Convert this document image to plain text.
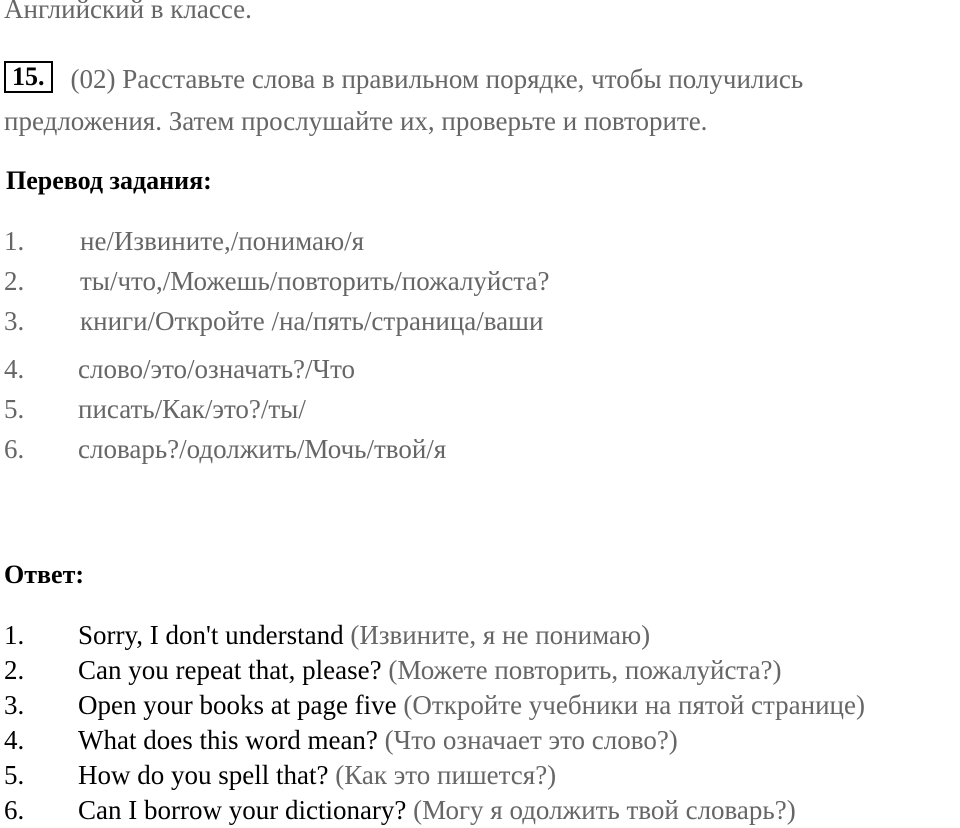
Английский в классе.
15. (02) Расставьте слова в правильном порядке, чтобы получились предложения. Затем прослушайте их, проверьте и повторите.
Перевод задания:
1. не/Извините,/понимаю/я
2. ты/что,/Можешь/повторить/пожалуйста?
3. книги/Откройте /на/пять/страница/ваши
4. слово/это/означать?/Что
5. писать/Как/это?/ты/
6. словарь?/одолжить/Мочь/твой/я
Ответ:
1. Sorry, I don't understand (Извините, я не понимаю)
2. Can you repeat that, please? (Можете повторить, пожалуйста?)
3. Open your books at page five (Откройте учебники на пятой странице)
4. What does this word mean? (Что означает это слово?)
5. How do you spell that? (Как это пишется?)
6. Can I borrow your dictionary? (Могу я одолжить твой словарь?)
